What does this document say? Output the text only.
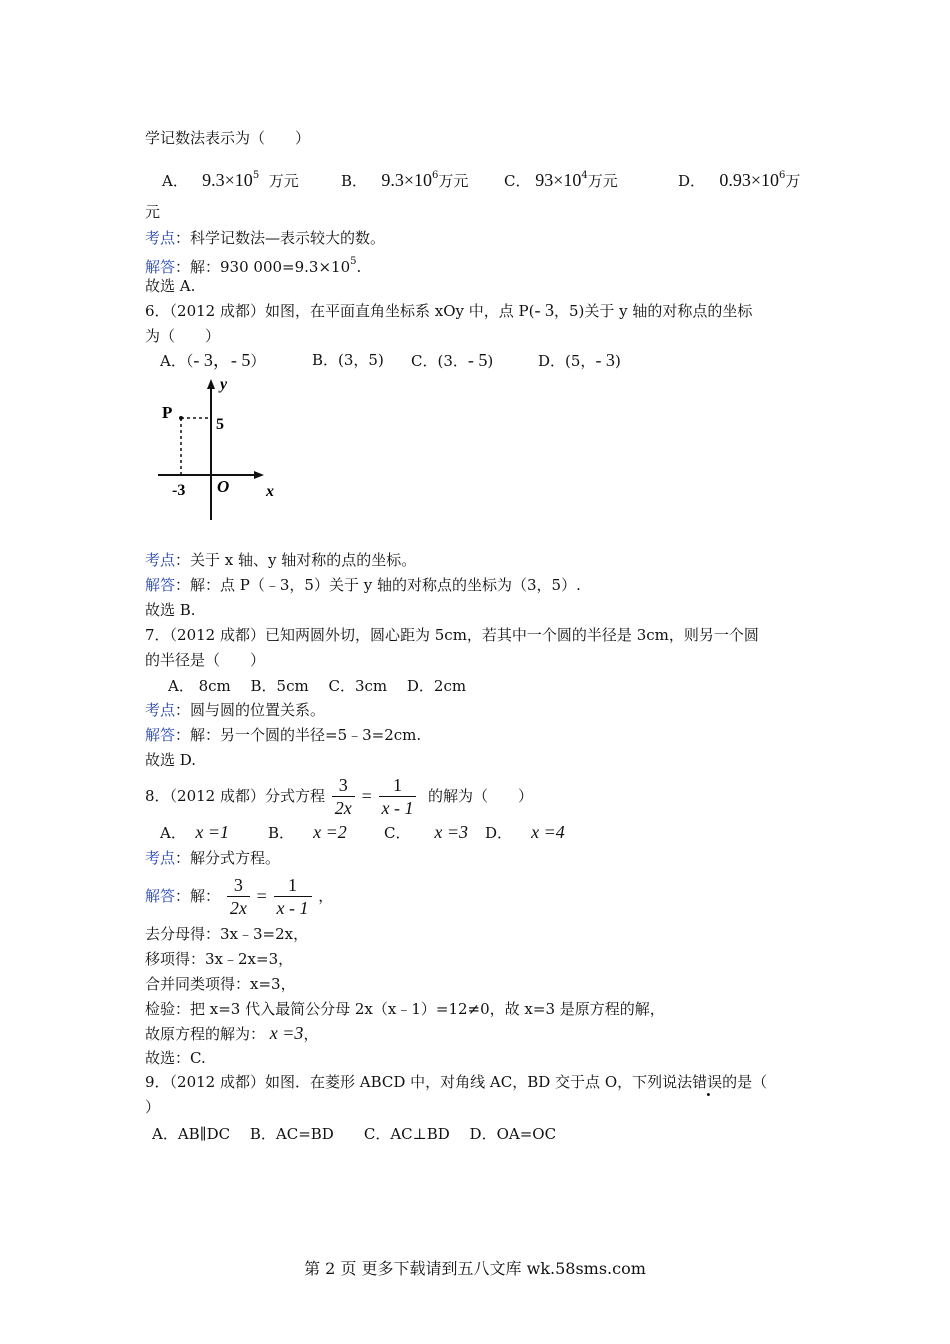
学记数法表示为（　　）
A． $9.3\times 10^5$ 万元	B． $9.3\times 10^6$万元 C． $93\times 10^4$万元	D． $0.93\times 10^6$万
元
考点：科学记数法—表示较大的数。
解答：解：930 $000=9.3\times 10^5$.
故选 A.
6．（2012 成都）如图，在平面直角坐标系 xOy 中，点 P(- 3，5)关于 y 轴的对称点的坐标
为（　　）
A．（- 3，- 5）	B．(3，5) C．(3．- 5)	D．(5，- 3)
y
x
P
5
-3 O
考点：关于 x 轴、y 轴对称的点的坐标。
解答：解：点 P（﹣3，5）关于 y 轴的对称点的坐标为（3，5）.
故选 B.
7．（2012 成都）已知两圆外切，圆心距为 5cm，若其中一个圆的半径是 3cm，则另一个圆
的半径是（　　）
A． 8cm　 B．5cm　 C．3cm　 D．2cm
考点：圆与圆的位置关系。
解答：解：另一个圆的半径=5﹣3=2cm.
故选 D.
8．（2012 成都）分式方程 $\frac{3}{2x} = \frac{1}{x - 1}$ 的解为（　　）
A． x =1	B． x =2 C． x =3 D． x =4
考点：解分式方程。
解答：解： $\frac{3}{2x} = \frac{1}{x - 1}$ ，
去分母得：3x﹣3=2x，
移项得：3x﹣2x=3，
合并同类项得：x=3，
检验：把 x=3 代入最简公分母 2x（x﹣1）=12≠0，故 x=3 是原方程的解，
故原方程的解为： x =3，
故选：C.
9．（2012 成都）如图．在菱形 ABCD 中，对角线 AC，BD 交于点 O，下列说法错误的是（
）
A．AB∥DC　 B．AC=BD　　C．AC⊥BD　 D．OA=OC
第 2 页 更多下载请到五八文库 wk.58sms.com
